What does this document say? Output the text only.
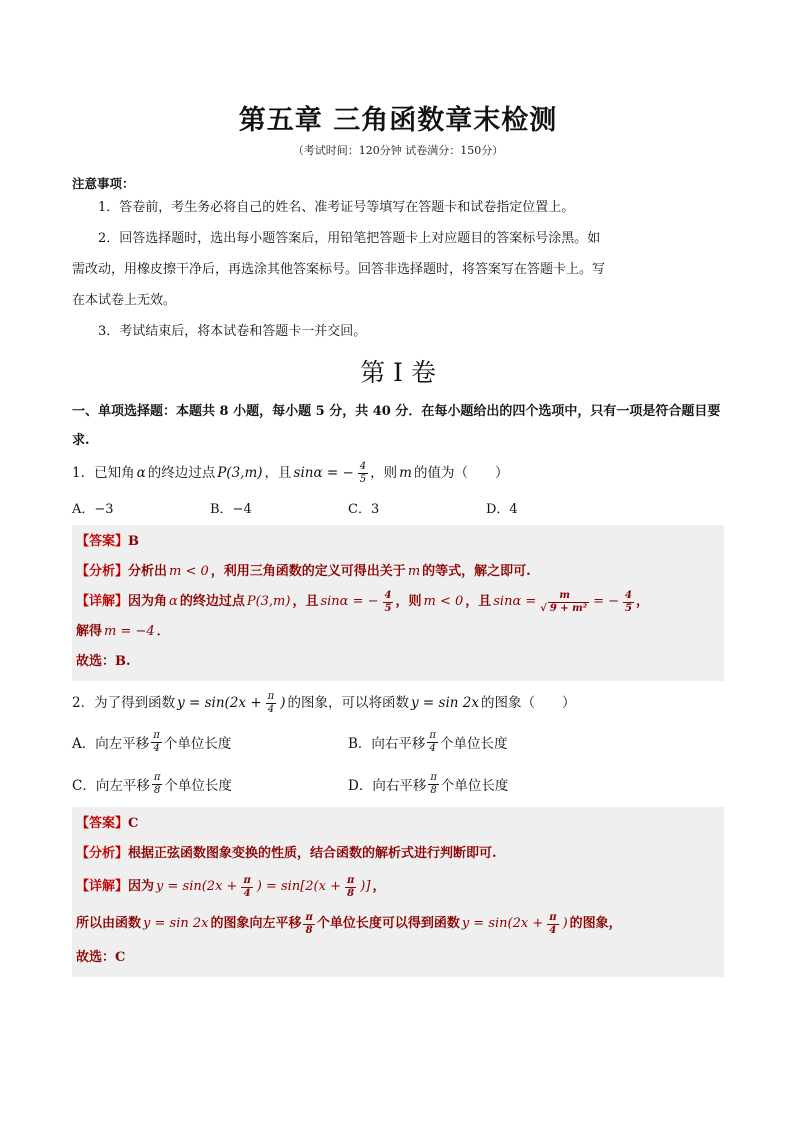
第五章 三角函数章末检测
（考试时间：120分钟 试卷满分：150分）
注意事项：
1．答卷前，考生务必将自己的姓名、准考证号等填写在答题卡和试卷指定位置上。
2．回答选择题时，选出每小题答案后，用铅笔把答题卡上对应题目的答案标号涂黑。如
需改动，用橡皮擦干净后，再选涂其他答案标号。回答非选择题时，将答案写在答题卡上。写
在本试卷上无效。
3．考试结束后，将本试卷和答题卡一并交回。
第 I 卷
一、单项选择题：本题共 8 小题，每小题 5 分，共 40 分．在每小题给出的四个选项中，只有一项是符合题目要求.
1．已知角 α 的终边过点 P(3,m) ，且 sinα = − $\frac{4}{5}$ ，则 m 的值为（　　）
A．−3	B．−4	C．3	D．4
【答案】 B
【分析】 分析出 m < 0 ，利用三角函数的定义可得出关于 m 的等式，解之即可.
【详解】 因为角 α 的终边过点 P(3,m) ，且 sinα = − $\frac{4}{5}$ ，则 m < 0 ，且 $\sin\alpha = \frac{m}{\text{√ 9 + m²}}$ = − $\frac{4}{5}$ ，
解得 m = −4 ．
故选：B.
2．为了得到函数 $y = \sin(2x + \frac{\pi}{4}$ ) 的图象，可以将函数 y = sin 2x 的图象（　　）
A．向左平移 $\frac{\pi}{4}$ 个单位长度	B．向右平移 $\frac{\pi}{4}$ 个单位长度
C．向左平移 $\frac{\pi}{8}$ 个单位长度	D．向右平移 $\frac{\pi}{8}$ 个单位长度
【答案】 C
【分析】 根据正弦函数图象变换的性质，结合函数的解析式进行判断即可.
【详解】 因为 $y = \sin(2x + \frac{\pi}{4}$ ) = $\sin[2(x + \frac{\pi}{8}$ )] ，
所以由函数 y = sin 2x 的图象向左平移 $\frac{\pi}{8}$ 个单位长度可以得到函数 $y = \sin(2x + \frac{\pi}{4}$ ) 的图象，
故选：C
